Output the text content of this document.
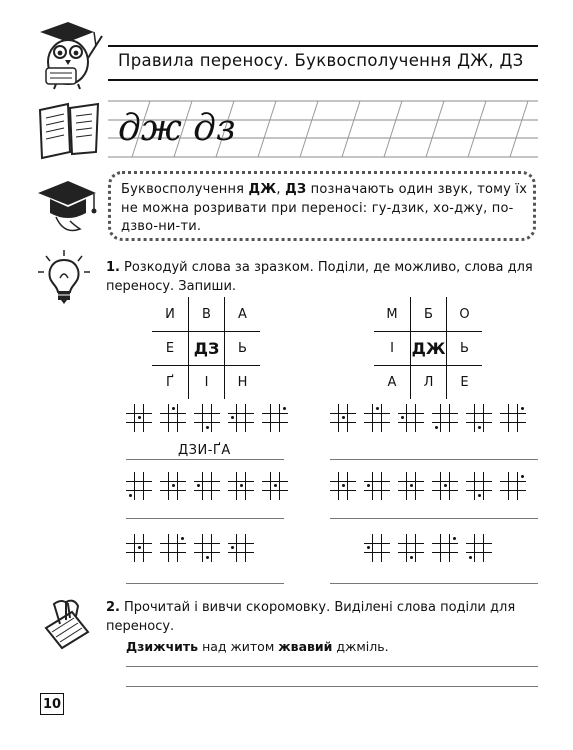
Правила переносу. Буквосполучення ДЖ, ДЗ
дж дз
Буквосполучення ДЖ, ДЗ позначають один звук, тому їх не можна розривати при переносі: гу-дзик, хо-джу, по-дзво-ни-ти.
1. Розкодуй слова за зразком. Поділи, де можливо, слова для переносу. Запиши.
И	В	А
Е	ДЗ	Ь
Ґ	І	Н
М	Б	О
І	ДЖ	Ь
А	Л	Е
ДЗИ-ҐА
2. Прочитай і вивчи скоромовку. Виділені слова поділи для переносу.
Дзижчить над житом жвавий джміль.
10
